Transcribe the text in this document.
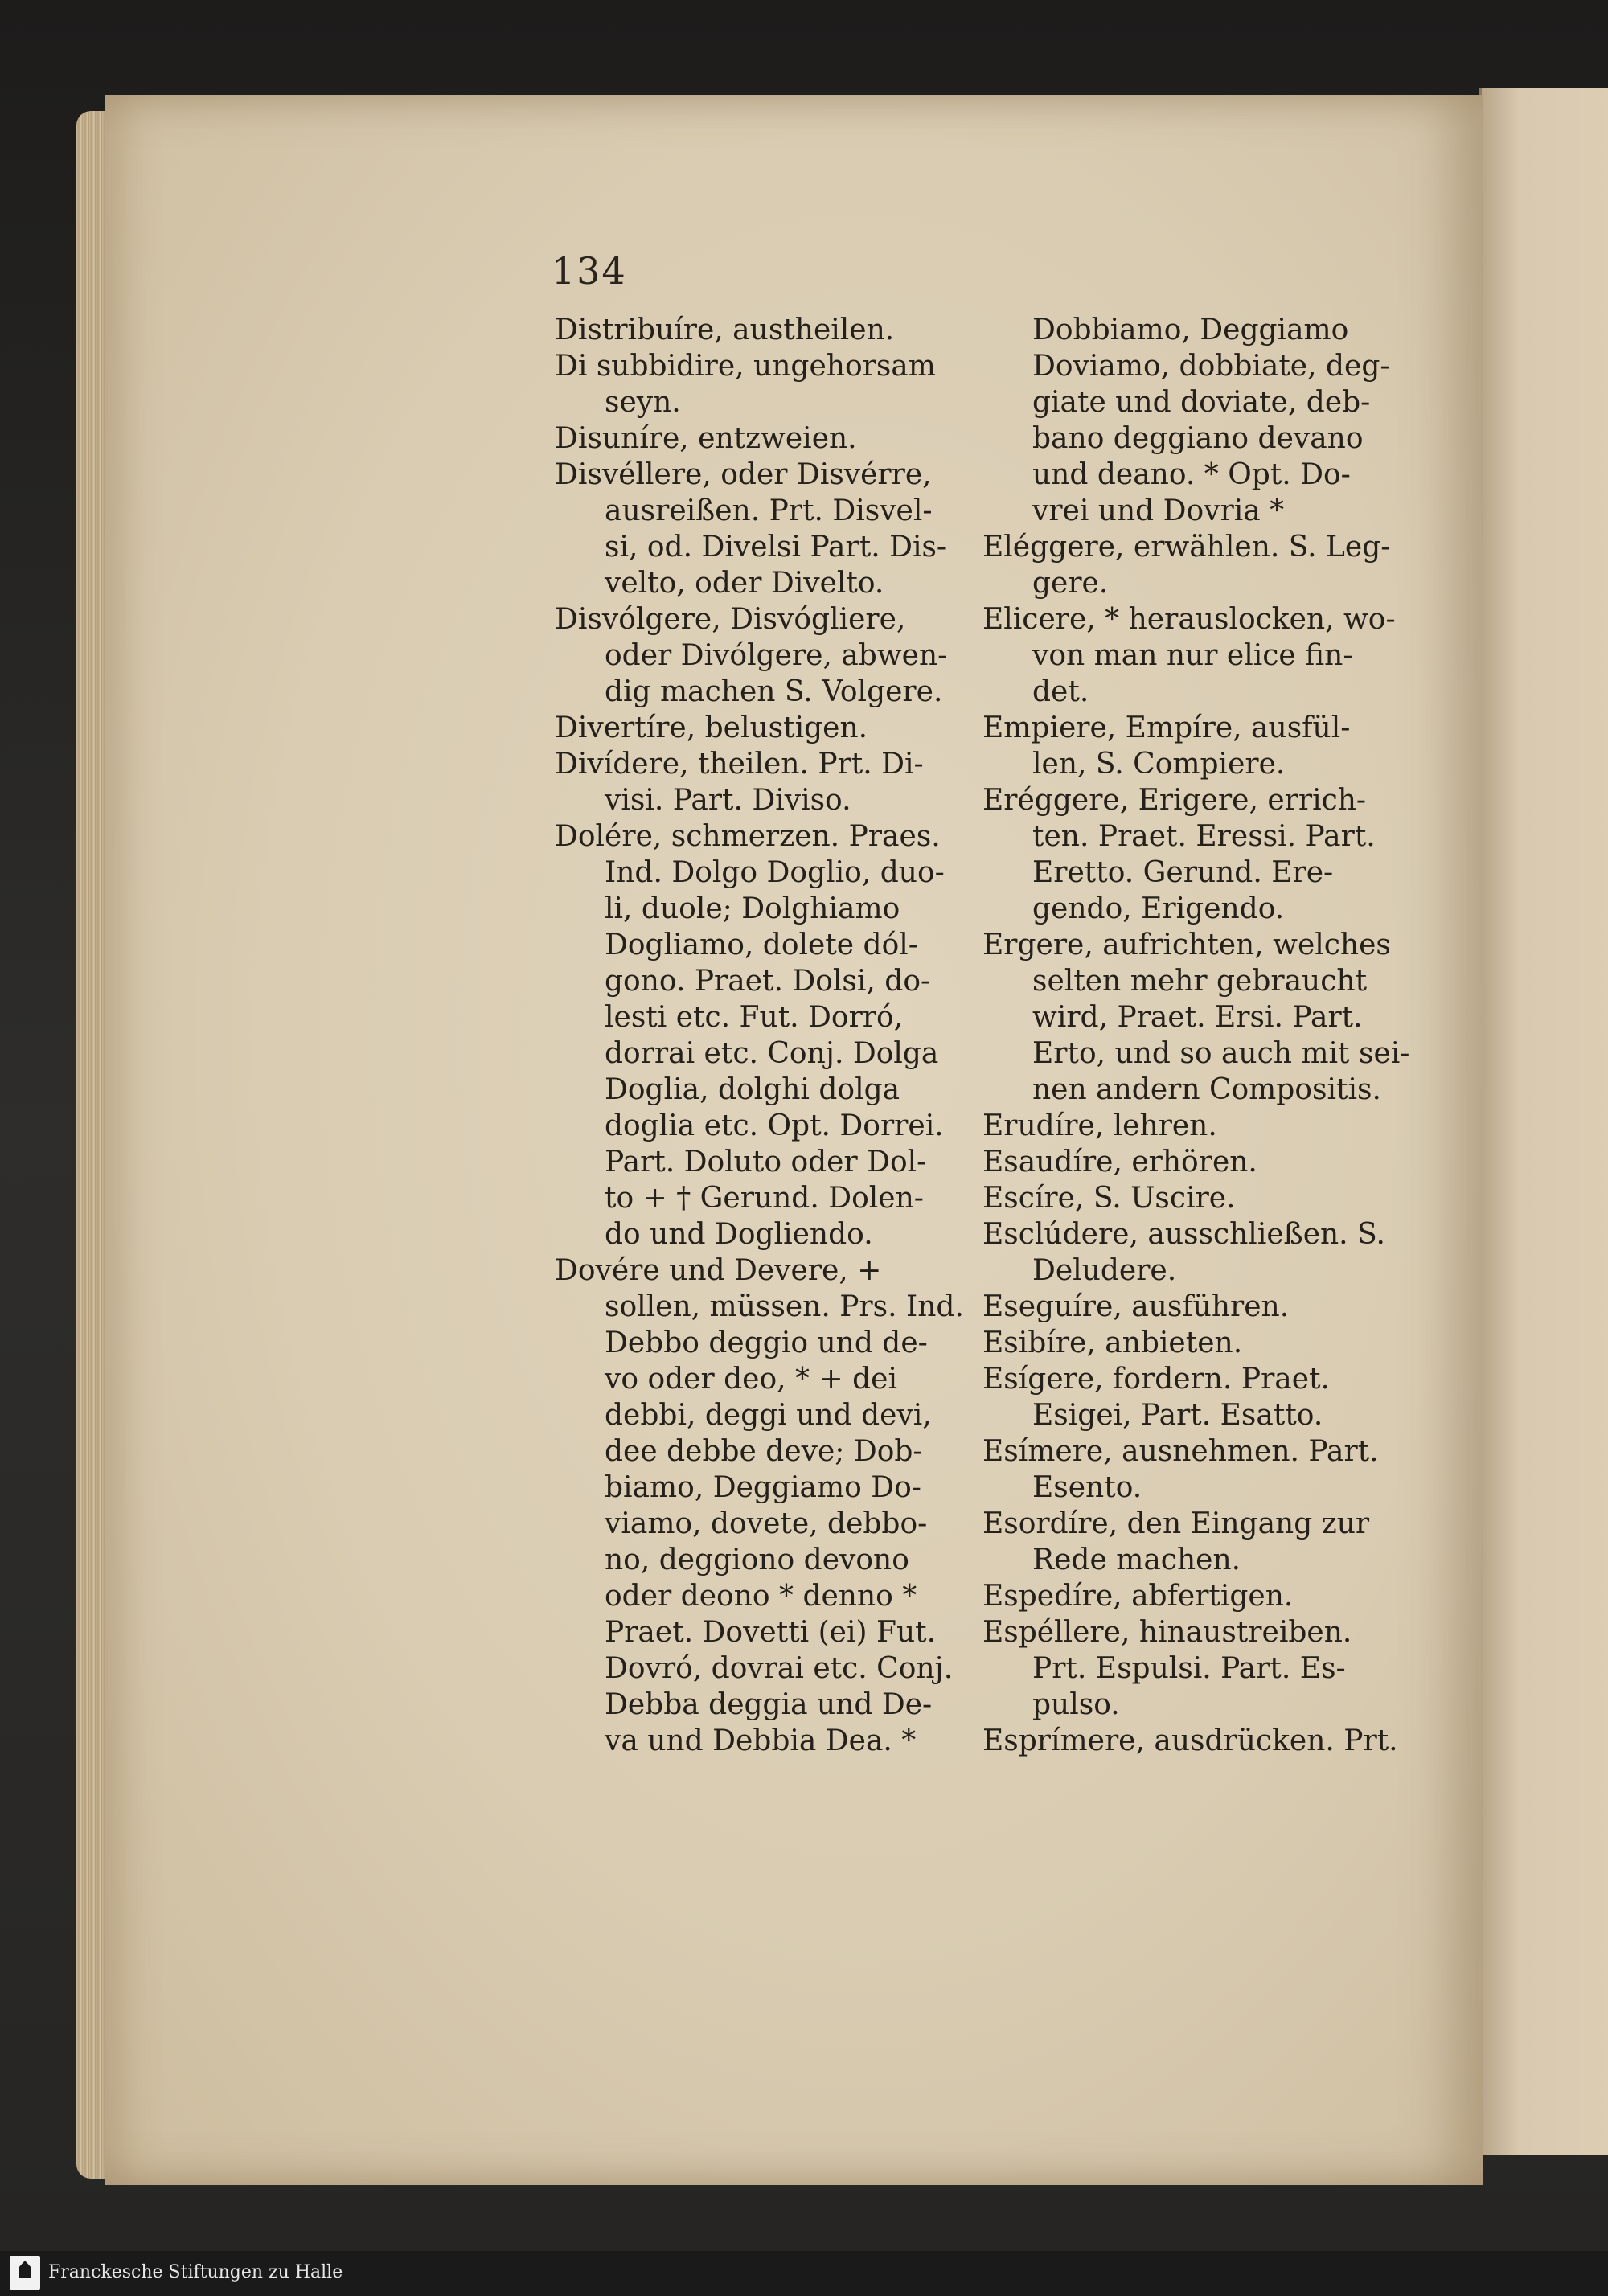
134
Distribuíre, austheilen.
Di subbidire, ungehorsam
seyn.
Disuníre, entzweien.
Disvéllere, oder Disvérre,
ausreißen. Prt. Disvel-
si, od. Divelsi Part. Dis-
velto, oder Divelto.
Disvólgere, Disvógliere,
oder Divólgere, abwen-
dig machen S. Volgere.
Divertíre, belustigen.
Divídere, theilen. Prt. Di-
visi. Part. Diviso.
Dolére, schmerzen. Praes.
Ind. Dolgo Doglio, duo-
li, duole; Dolghiamo
Dogliamo, dolete dól-
gono. Praet. Dolsi, do-
lesti etc. Fut. Dorró,
dorrai etc. Conj. Dolga
Doglia, dolghi dolga
doglia etc. Opt. Dorrei.
Part. Doluto oder Dol-
to + † Gerund. Dolen-
do und Dogliendo.
Dovére und Devere, +
sollen, müssen. Prs. Ind.
Debbo deggio und de-
vo oder deo, * + dei
debbi, deggi und devi,
dee debbe deve; Dob-
biamo, Deggiamo Do-
viamo, dovete, debbo-
no, deggiono devono
oder deono * denno *
Praet. Dovetti (ei) Fut.
Dovró, dovrai etc. Conj.
Debba deggia und De-
va und Debbia Dea. *
Dobbiamo, Deggiamo
Doviamo, dobbiate, deg-
giate und doviate, deb-
bano deggiano devano
und deano. * Opt. Do-
vrei und Dovria *
Eléggere, erwählen. S. Leg-
gere.
Elicere, * herauslocken, wo-
von man nur elice fin-
det.
Empiere, Empíre, ausfül-
len, S. Compiere.
Eréggere, Erigere, errich-
ten. Praet. Eressi. Part.
Eretto. Gerund. Ere-
gendo, Erigendo.
Ergere, aufrichten, welches
selten mehr gebraucht
wird, Praet. Ersi. Part.
Erto, und so auch mit sei-
nen andern Compositis.
Erudíre, lehren.
Esaudíre, erhören.
Escíre, S. Uscire.
Esclúdere, ausschließen. S.
Deludere.
Eseguíre, ausführen.
Esibíre, anbieten.
Esígere, fordern. Praet.
Esigei, Part. Esatto.
Esímere, ausnehmen. Part.
Esento.
Esordíre, den Eingang zur
Rede machen.
Espedíre, abfertigen.
Espéllere, hinaustreiben.
Prt. Espulsi. Part. Es-
pulso.
Esprímere, ausdrücken. Prt.
Franckesche Stiftungen zu Halle
